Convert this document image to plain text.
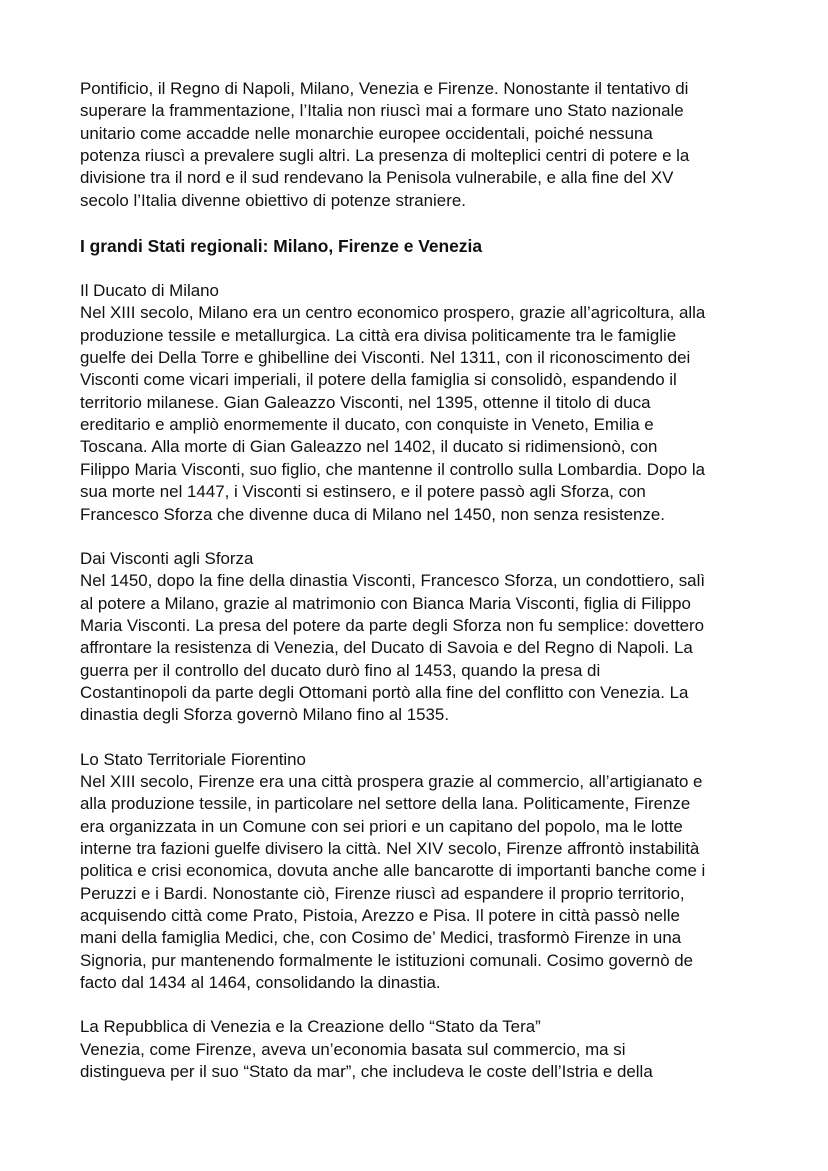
Pontificio, il Regno di Napoli, Milano, Venezia e Firenze. Nonostante il tentativo di
superare la frammentazione, l’Italia non riuscì mai a formare uno Stato nazionale
unitario come accadde nelle monarchie europee occidentali, poiché nessuna
potenza riuscì a prevalere sugli altri. La presenza di molteplici centri di potere e la
divisione tra il nord e il sud rendevano la Penisola vulnerabile, e alla fine del XV
secolo l’Italia divenne obiettivo di potenze straniere.

I grandi Stati regionali: Milano, Firenze e Venezia

Il Ducato di Milano

Nel XIII secolo, Milano era un centro economico prospero, grazie all’agricoltura, alla
produzione tessile e metallurgica. La città era divisa politicamente tra le famiglie
guelfe dei Della Torre e ghibelline dei Visconti. Nel 1311, con il riconoscimento dei
Visconti come vicari imperiali, il potere della famiglia si consolidò, espandendo il
territorio milanese. Gian Galeazzo Visconti, nel 1395, ottenne il titolo di duca
ereditario e ampliò enormemente il ducato, con conquiste in Veneto, Emilia e
Toscana. Alla morte di Gian Galeazzo nel 1402, il ducato si ridimensionò, con
Filippo Maria Visconti, suo figlio, che mantenne il controllo sulla Lombardia. Dopo la
sua morte nel 1447, i Visconti si estinsero, e il potere passò agli Sforza, con
Francesco Sforza che divenne duca di Milano nel 1450, non senza resistenze.

Dai Visconti agli Sforza

Nel 1450, dopo la fine della dinastia Visconti, Francesco Sforza, un condottiero, salì
al potere a Milano, grazie al matrimonio con Bianca Maria Visconti, figlia di Filippo
Maria Visconti. La presa del potere da parte degli Sforza non fu semplice: dovettero
affrontare la resistenza di Venezia, del Ducato di Savoia e del Regno di Napoli. La
guerra per il controllo del ducato durò fino al 1453, quando la presa di
Costantinopoli da parte degli Ottomani portò alla fine del conflitto con Venezia. La
dinastia degli Sforza governò Milano fino al 1535.

Lo Stato Territoriale Fiorentino

Nel XIII secolo, Firenze era una città prospera grazie al commercio, all’artigianato e
alla produzione tessile, in particolare nel settore della lana. Politicamente, Firenze
era organizzata in un Comune con sei priori e un capitano del popolo, ma le lotte
interne tra fazioni guelfe divisero la città. Nel XIV secolo, Firenze affrontò instabilità
politica e crisi economica, dovuta anche alle bancarotte di importanti banche come i
Peruzzi e i Bardi. Nonostante ciò, Firenze riuscì ad espandere il proprio territorio,
acquisendo città come Prato, Pistoia, Arezzo e Pisa. Il potere in città passò nelle
mani della famiglia Medici, che, con Cosimo de’ Medici, trasformò Firenze in una
Signoria, pur mantenendo formalmente le istituzioni comunali. Cosimo governò de
facto dal 1434 al 1464, consolidando la dinastia.

La Repubblica di Venezia e la Creazione dello “Stato da Tera”

Venezia, come Firenze, aveva un’economia basata sul commercio, ma si
distingueva per il suo “Stato da mar”, che includeva le coste dell’Istria e della
